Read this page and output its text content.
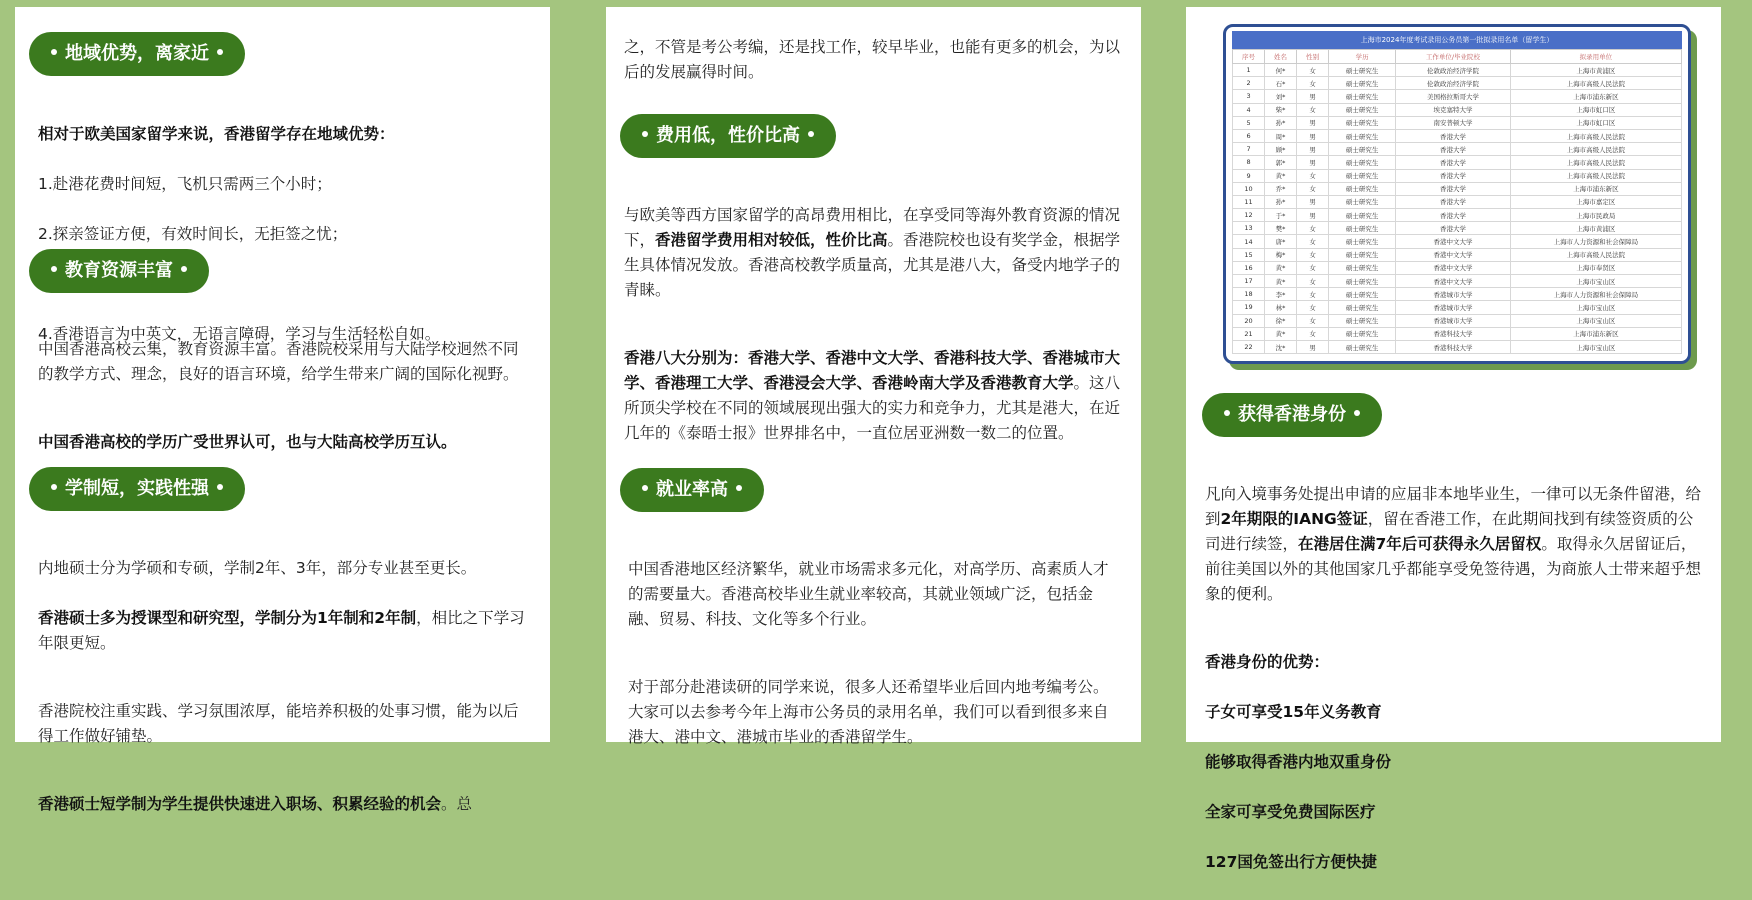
地域优势，离家近

相对于欧美国家留学来说，香港留学存在地域优势：

1.赴港花费时间短，飞机只需两三个小时；

2.探亲签证方便，有效时间长，无拒签之忧；

4.香港语言为中英文，无语言障碍，学习与生活轻松自如。

教育资源丰富

中国香港高校云集，教育资源丰富。香港院校采用与大陆学校迥然不同的教学方式、理念，良好的语言环境，给学生带来广阔的国际化视野。

中国香港高校的学历广受世界认可，也与大陆高校学历互认。

学制短，实践性强

内地硕士分为学硕和专硕，学制2年、3年，部分专业甚至更长。

香港硕士多为授课型和研究型，学制分为1年制和2年制，相比之下学习年限更短。

香港院校注重实践、学习氛围浓厚，能培养积极的处事习惯，能为以后得工作做好铺垫。

香港硕士短学制为学生提供快速进入职场、积累经验的机会。总

之，不管是考公考编，还是找工作，较早毕业，也能有更多的机会，为以后的发展赢得时间。
费用低，性价比高

与欧美等西方国家留学的高昂费用相比，在享受同等海外教育资源的情况下，香港留学费用相对较低，性价比高。香港院校也设有奖学金，根据学生具体情况发放。香港高校教学质量高，尤其是港八大，备受内地学子的青睐。

香港八大分别为：香港大学、香港中文大学、香港科技大学、香港城市大学、香港理工大学、香港浸会大学、香港岭南大学及香港教育大学。这八所顶尖学校在不同的领域展现出强大的实力和竞争力，尤其是港大，在近几年的《泰晤士报》世界排名中，一直位居亚洲数一数二的位置。

就业率高

中国香港地区经济繁华，就业市场需求多元化，对高学历、高素质人才的需要量大。香港高校毕业生就业率较高，其就业领域广泛，包括金融、贸易、科技、文化等多个行业。

对于部分赴港读研的同学来说，很多人还希望毕业后回内地考编考公。大家可以去参考今年上海市公务员的录用名单，我们可以看到很多来自港大、港中文、港城市毕业的香港留学生。

上海市2024年度考试录用公务员第一批拟录用名单（留学生）
序号	姓名	性别	学历	工作单位/毕业院校	拟录用单位
1	何*	女	硕士研究生	伦敦政治经济学院	上海市黄浦区
2	石*	女	硕士研究生	伦敦政治经济学院	上海市高级人民法院
3	刘*	男	硕士研究生	美国格拉斯哥大学	上海市浦东新区
4	柴*	女	硕士研究生	埃克塞特大学	上海市虹口区
5	孙*	男	硕士研究生	南安普顿大学	上海市虹口区
6	周*	男	硕士研究生	香港大学	上海市高级人民法院
7	顾*	男	硕士研究生	香港大学	上海市高级人民法院
8	郭*	男	硕士研究生	香港大学	上海市高级人民法院
9	黄*	女	硕士研究生	香港大学	上海市高级人民法院
10	乔*	女	硕士研究生	香港大学	上海市浦东新区
11	孙*	男	硕士研究生	香港大学	上海市嘉定区
12	于*	男	硕士研究生	香港大学	上海市民政局
13	樊*	女	硕士研究生	香港大学	上海市黄浦区
14	唐*	女	硕士研究生	香港中文大学	上海市人力资源和社会保障局
15	梅*	女	硕士研究生	香港中文大学	上海市高级人民法院
16	黄*	女	硕士研究生	香港中文大学	上海市奉贤区
17	黄*	女	硕士研究生	香港中文大学	上海市宝山区
18	李*	女	硕士研究生	香港城市大学	上海市人力资源和社会保障局
19	林*	女	硕士研究生	香港城市大学	上海市宝山区
20	徐*	女	硕士研究生	香港城市大学	上海市宝山区
21	黄*	女	硕士研究生	香港科技大学	上海市浦东新区
22	沈*	男	硕士研究生	香港科技大学	上海市宝山区
获得香港身份

凡向入境事务处提出申请的应届非本地毕业生，一律可以无条件留港，给到2年期限的IANG签证，留在香港工作，在此期间找到有续签资质的公司进行续签，在港居住满7年后可获得永久居留权。取得永久居留证后，前往美国以外的其他国家几乎都能享受免签待遇，为商旅人士带来超乎想象的便利。

香港身份的优势：

子女可享受15年义务教育

能够取得香港内地双重身份

全家可享受免费国际医疗

127国免签出行方便快捷
